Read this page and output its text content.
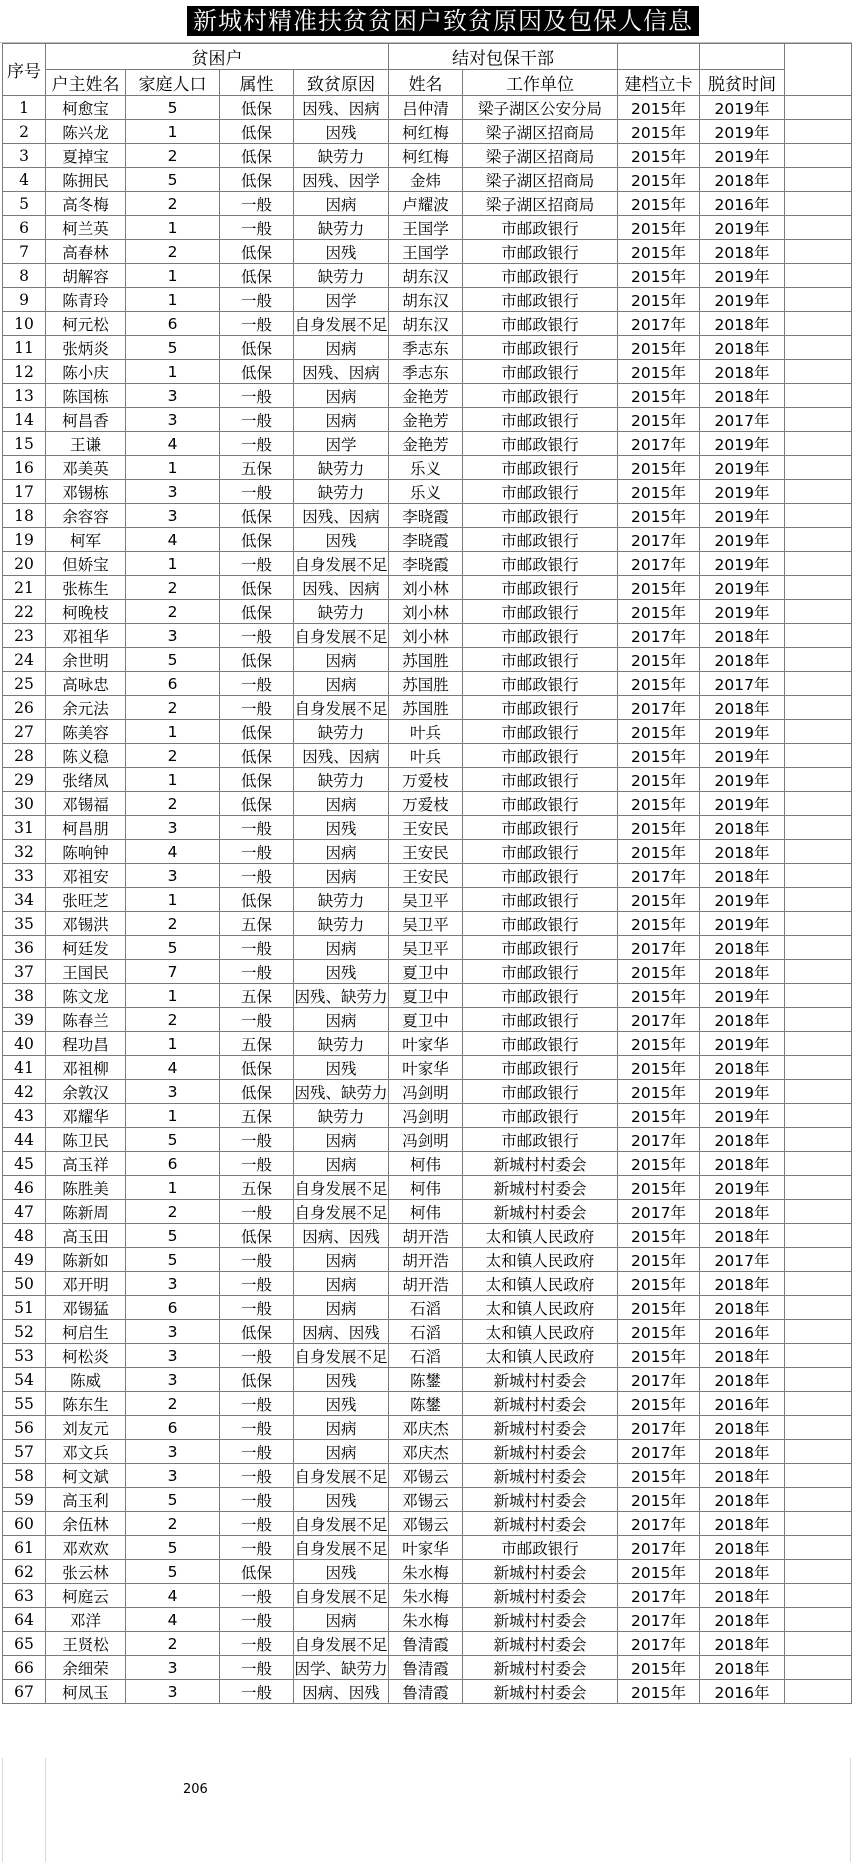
新城村精准扶贫贫困户致贫原因及包保人信息
序号	贫困户				结对包保干部				
	户主姓名	家庭人口	属性	致贫原因	姓名	工作单位	建档立卡	脱贫时间	
1	柯愈宝	5	低保	因残、因病	吕仲清	梁子湖区公安分局	2015年	2019年	
2	陈兴龙	1	低保	因残	柯红梅	梁子湖区招商局	2015年	2019年	
3	夏掉宝	2	低保	缺劳力	柯红梅	梁子湖区招商局	2015年	2019年	
4	陈拥民	5	低保	因残、因学	金炜	梁子湖区招商局	2015年	2018年	
5	高冬梅	2	一般	因病	卢耀波	梁子湖区招商局	2015年	2016年	
6	柯兰英	1	一般	缺劳力	王国学	市邮政银行	2015年	2019年	
7	高春林	2	低保	因残	王国学	市邮政银行	2015年	2018年	
8	胡解容	1	低保	缺劳力	胡东汉	市邮政银行	2015年	2019年	
9	陈青玲	1	一般	因学	胡东汉	市邮政银行	2015年	2019年	
10	柯元松	6	一般	自身发展不足	胡东汉	市邮政银行	2017年	2018年	
11	张炳炎	5	低保	因病	季志东	市邮政银行	2015年	2018年	
12	陈小庆	1	低保	因残、因病	季志东	市邮政银行	2015年	2018年	
13	陈国栋	3	一般	因病	金艳芳	市邮政银行	2015年	2018年	
14	柯昌香	3	一般	因病	金艳芳	市邮政银行	2015年	2017年	
15	王谦	4	一般	因学	金艳芳	市邮政银行	2017年	2019年	
16	邓美英	1	五保	缺劳力	乐义	市邮政银行	2015年	2019年	
17	邓锡栋	3	一般	缺劳力	乐义	市邮政银行	2015年	2019年	
18	余容容	3	低保	因残、因病	李晓霞	市邮政银行	2015年	2019年	
19	柯军	4	低保	因残	李晓霞	市邮政银行	2017年	2019年	
20	但娇宝	1	一般	自身发展不足	李晓霞	市邮政银行	2017年	2019年	
21	张栋生	2	低保	因残、因病	刘小林	市邮政银行	2015年	2019年	
22	柯晚枝	2	低保	缺劳力	刘小林	市邮政银行	2015年	2019年	
23	邓祖华	3	一般	自身发展不足	刘小林	市邮政银行	2017年	2018年	
24	余世明	5	低保	因病	苏国胜	市邮政银行	2015年	2018年	
25	高咏忠	6	一般	因病	苏国胜	市邮政银行	2015年	2017年	
26	余元法	2	一般	自身发展不足	苏国胜	市邮政银行	2017年	2018年	
27	陈美容	1	低保	缺劳力	叶兵	市邮政银行	2015年	2019年	
28	陈义稳	2	低保	因残、因病	叶兵	市邮政银行	2015年	2019年	
29	张绪凤	1	低保	缺劳力	万爱枝	市邮政银行	2015年	2019年	
30	邓锡福	2	低保	因病	万爱枝	市邮政银行	2015年	2019年	
31	柯昌朋	3	一般	因残	王安民	市邮政银行	2015年	2018年	
32	陈响钟	4	一般	因病	王安民	市邮政银行	2015年	2018年	
33	邓祖安	3	一般	因病	王安民	市邮政银行	2017年	2018年	
34	张旺芝	1	低保	缺劳力	吴卫平	市邮政银行	2015年	2019年	
35	邓锡洪	2	五保	缺劳力	吴卫平	市邮政银行	2015年	2019年	
36	柯廷发	5	一般	因病	吴卫平	市邮政银行	2017年	2018年	
37	王国民	7	一般	因残	夏卫中	市邮政银行	2015年	2018年	
38	陈文龙	1	五保	因残、缺劳力	夏卫中	市邮政银行	2015年	2019年	
39	陈春兰	2	一般	因病	夏卫中	市邮政银行	2017年	2018年	
40	程功昌	1	五保	缺劳力	叶家华	市邮政银行	2015年	2019年	
41	邓祖柳	4	低保	因残	叶家华	市邮政银行	2015年	2018年	
42	余敦汉	3	低保	因残、缺劳力	冯剑明	市邮政银行	2015年	2019年	
43	邓耀华	1	五保	缺劳力	冯剑明	市邮政银行	2015年	2019年	
44	陈卫民	5	一般	因病	冯剑明	市邮政银行	2017年	2018年	
45	高玉祥	6	一般	因病	柯伟	新城村村委会	2015年	2018年	
46	陈胜美	1	五保	自身发展不足	柯伟	新城村村委会	2015年	2019年	
47	陈新周	2	一般	自身发展不足	柯伟	新城村村委会	2017年	2018年	
48	高玉田	5	低保	因病、因残	胡开浩	太和镇人民政府	2015年	2018年	
49	陈新如	5	一般	因病	胡开浩	太和镇人民政府	2015年	2017年	
50	邓开明	3	一般	因病	胡开浩	太和镇人民政府	2015年	2018年	
51	邓锡猛	6	一般	因病	石滔	太和镇人民政府	2015年	2018年	
52	柯启生	3	低保	因病、因残	石滔	太和镇人民政府	2015年	2016年	
53	柯松炎	3	一般	自身发展不足	石滔	太和镇人民政府	2015年	2018年	
54	陈威	3	低保	因残	陈鐢	新城村村委会	2017年	2018年	
55	陈东生	2	一般	因残	陈鐢	新城村村委会	2015年	2016年	
56	刘友元	6	一般	因病	邓庆杰	新城村村委会	2017年	2018年	
57	邓文兵	3	一般	因病	邓庆杰	新城村村委会	2017年	2018年	
58	柯文斌	3	一般	自身发展不足	邓锡云	新城村村委会	2015年	2018年	
59	高玉利	5	一般	因残	邓锡云	新城村村委会	2015年	2018年	
60	余伍林	2	一般	自身发展不足	邓锡云	新城村村委会	2017年	2018年	
61	邓欢欢	5	一般	自身发展不足	叶家华	市邮政银行	2017年	2018年	
62	张云林	5	低保	因残	朱水梅	新城村村委会	2015年	2018年	
63	柯庭云	4	一般	自身发展不足	朱水梅	新城村村委会	2017年	2018年	
64	邓洋	4	一般	因病	朱水梅	新城村村委会	2017年	2018年	
65	王贤松	2	一般	自身发展不足	鲁清霞	新城村村委会	2017年	2018年	
66	余细荣	3	一般	因学、缺劳力	鲁清霞	新城村村委会	2015年	2018年	
67	柯凤玉	3	一般	因病、因残	鲁清霞	新城村村委会	2015年	2016年	
206
